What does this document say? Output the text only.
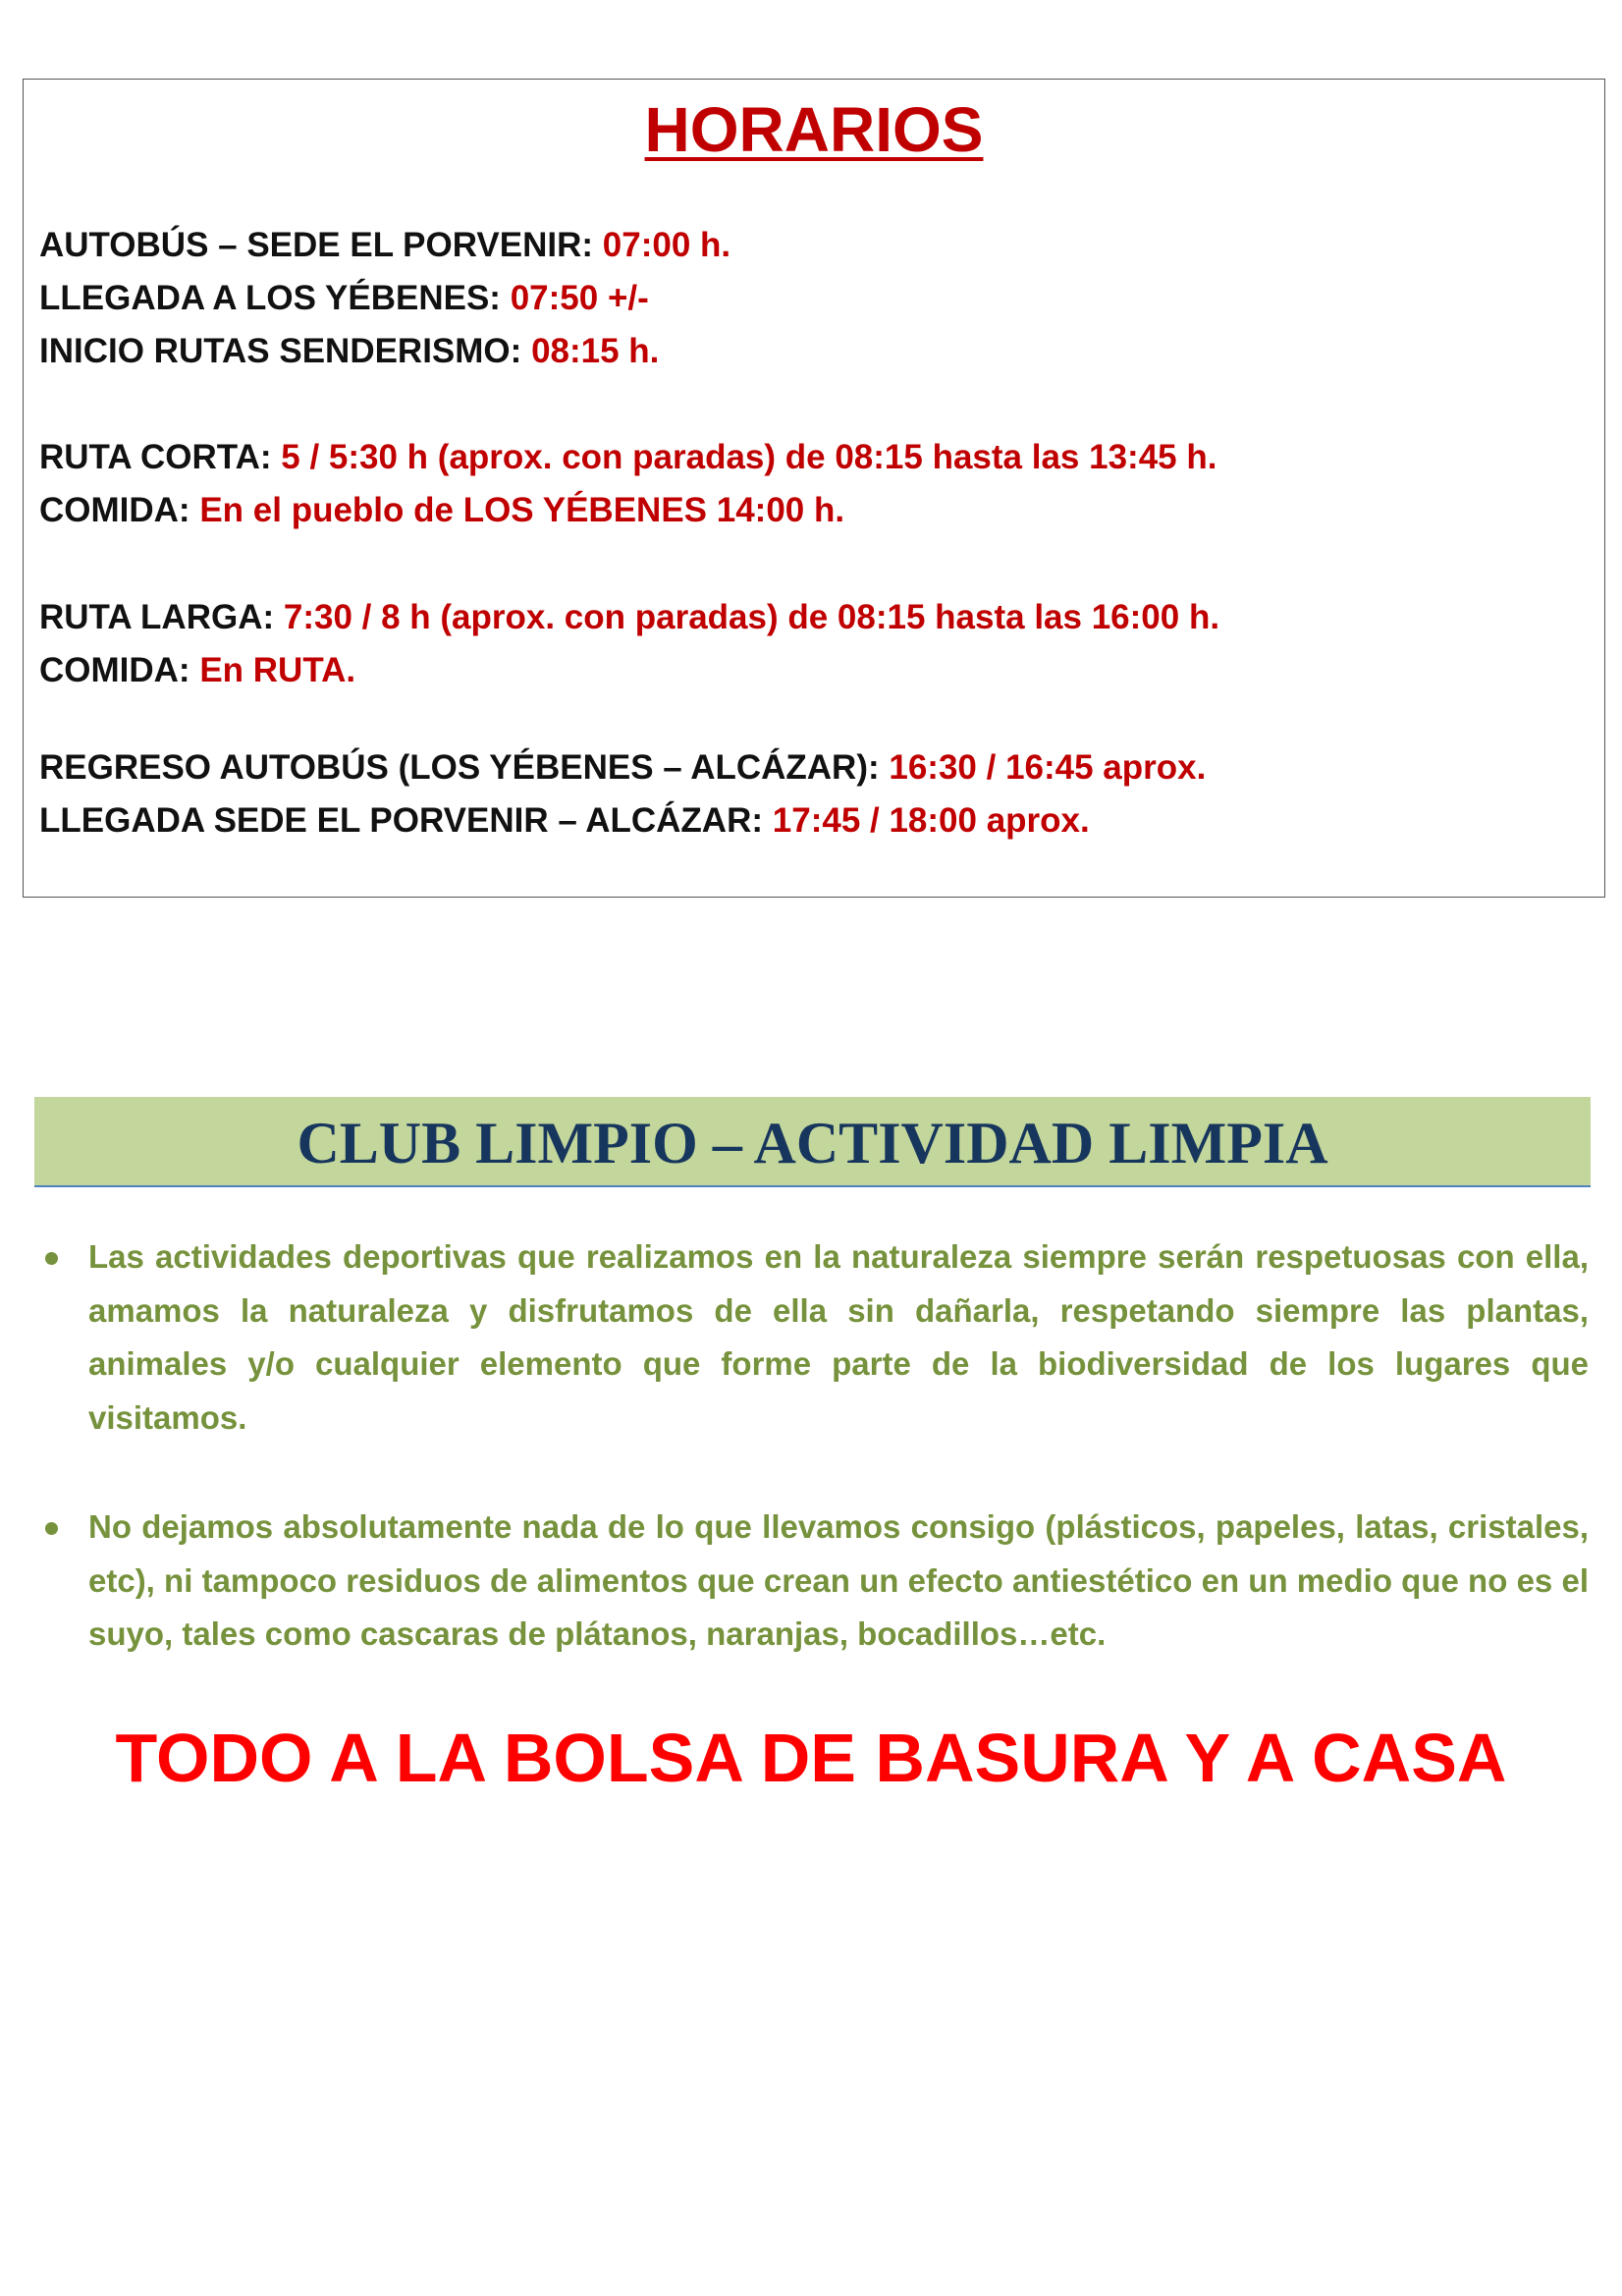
HORARIOS
AUTOBÚS – SEDE EL PORVENIR: 07:00 h.
LLEGADA A LOS YÉBENES: 07:50 +/-
INICIO RUTAS SENDERISMO: 08:15 h.
RUTA CORTA: 5 / 5:30 h (aprox. con paradas) de 08:15 hasta las 13:45 h.
COMIDA: En el pueblo de LOS YÉBENES 14:00 h.
RUTA LARGA: 7:30 / 8 h (aprox. con paradas) de 08:15 hasta las 16:00 h.
COMIDA: En RUTA.
REGRESO AUTOBÚS (LOS YÉBENES – ALCÁZAR): 16:30 / 16:45 aprox.
LLEGADA SEDE EL PORVENIR – ALCÁZAR: 17:45 / 18:00 aprox.
CLUB LIMPIO – ACTIVIDAD LIMPIA
Las actividades deportivas que realizamos en la naturaleza siempre serán respetuosas con ella, amamos la naturaleza y disfrutamos de ella sin dañarla, respetando siempre las plantas, animales y/o cualquier elemento que forme parte de la biodiversidad de los lugares que visitamos.
No dejamos absolutamente nada de lo que llevamos consigo (plásticos, papeles, latas, cristales, etc), ni tampoco residuos de alimentos que crean un efecto antiestético en un medio que no es el suyo, tales como cascaras de plátanos, naranjas, bocadillos…etc.
TODO A LA BOLSA DE BASURA Y A CASA
